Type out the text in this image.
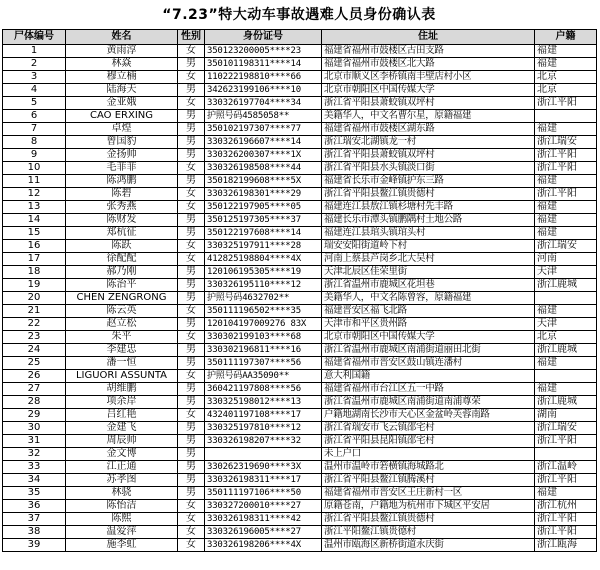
“7.23”特大动车事故遇难人员身份确认表
尸体编号	姓名	性别	身份证号	住址	户籍
1	黄雨淳	女	350123200005****23	福建省福州市鼓楼区古田支路	福建
2	林焱	男	350101198311****14	福建省福州市鼓楼区北大路	福建
3	穆立楠	女	110222198810****66	北京市顺义区李桥镇南丰壁店村小区	北京
4	陆海天	男	342623199106****10	北京市朝阳区中国传媒大学	北京
5	金亚娥	女	330326197704****34	浙江省平阳县萧蛟镇双坪村	浙江平阳
6	CAO ERXING	男	护照号码4585058**	美籍华人，中文名曹尔星，原籍福建	
7	卓煌	男	350102197307****77	福建省福州市鼓楼区湖东路	福建
8	曾国豹	男	330326196607****14	浙江瑞安北湖镇龙一村	浙江瑞安
9	金扬帅	男	330326200307****1X	浙江省平阳县萧蛟镇双坪村	浙江平阳
10	毛菲菲	女	330326198508****44	浙江省平阳县水头镇淡口街	浙江平阳
11	陈鸿鹏	男	350182199608****5X	福建省长乐市金峰镇护东三路	福建
12	陈碧	女	330326198301****29	浙江省平阳县鳌江镇贵德村	浙江平阳
13	张秀燕	女	350122197905****05	福建连江县敖江镇杉塘村先丰路	福建
14	陈财发	男	350125197305****37	福建长乐市潭头镇鹏隅村土地公路	福建
15	郑杭征	男	350122197608****14	福建连江县琯头镇琯头村	福建
16	陈跃	女	330325197911****28	瑞安安阳街道岭下村	浙江瑞安
17	徐配配	女	412825198804****4X	河南上蔡县芦岗乡北大吴村	河南
18	郝乃刚	男	120106195305****19	天津北辰区佳荣里街	天津
19	陈治平	男	330326195110****12	浙江省温州市鹿城区花坦巷	浙江鹿城
20	CHEN ZENGRONG	男	护照号码4632702**	美籍华人，中文名陈曾容，原籍福建	
21	陈云英	女	350111196502****35	福建晋安区福飞北路	福建
22	赵立松	男	120104197009276 83X	天津市和平区贵州路	天津
23	朱平	女	330302199103****68	北京市朝阳区中国传媒大学	北京
24	李建忠	男	330302196811****16	浙江省温州市鹿城区南浦街道丽田北街	浙江鹿城
25	潘一恒	男	350111197307****56	福建省福州市晋安区鼓山镇连潘村	福建
26	LIGUORI ASSUNTA	女	护照号码AA35090**	意大利国籍	
27	胡维鹏	男	360421197808****56	福建省福州市台江区五一中路	福建
28	项余岸	男	330325198012****13	浙江省温州市鹿城区南浦街道南浦尊荣	浙江鹿城
29	吕红艳	女	432401197108****17	户籍地湖南长沙市天心区金盆岭芙蓉南路	湖南
30	金建飞	男	330325197810****12	浙江省瑞安市飞云镇邵宅村	浙江瑞安
31	周辰帅	男	330326198207****32	浙江省平阳县昆阳镇邵宅村	浙江平阳
32	金文博	男		未上户口	
33	江正通	男	330262319690****3X	温州市温岭市箬横镇海城路北	浙江温岭
34	苏孝图	男	330326198311****17	浙江省平阳县鳌江镇腾溪村	浙江平阳
35	林骁	男	350111197106****50	福建省福州市晋安区王庄新村一区	福建
36	陈怡洁	女	330327200010****27	原籍苍南，户籍地为杭州市下城区平安居	浙江杭州
37	陈熙	女	330326198311****42	浙江省平阳县鳌江镇贵德村	浙江平阳
38	温爱萍	女	330326196005****27	浙江平阳鳌江镇贵德村	浙江平阳
39	施李虹	女	330326198206****4X	温州市瓯海区新桥街道永庆街	浙江瓯海
